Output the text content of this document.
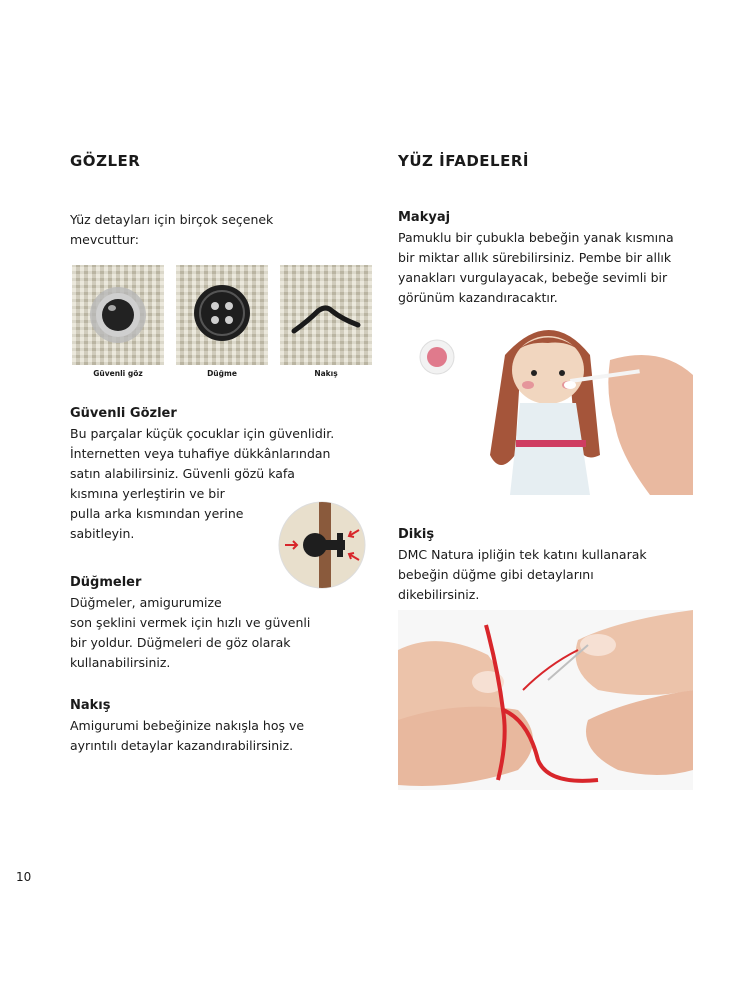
GÖZLER

Yüz detayları için birçok seçenek

mevcuttur:

Güvenli göz	Düğme	Nakış
Güvenli Gözler

Bu parçalar küçük çocuklar için güvenlidir.

İnternetten veya tuhafiye dükkânlarından

satın alabilirsiniz. Güvenli gözü kafa

kısmına yerleştirin ve bir

pulla arka kısmından yerine

sabitleyin.

Düğmeler

Düğmeler, amigurumize

son şeklini vermek için hızlı ve güvenli

bir yoldur. Düğmeleri de göz olarak

kullanabilirsiniz.

Nakış

Amigurumi bebeğinize nakışla hoş ve

ayrıntılı detaylar kazandırabilirsiniz.

YÜZ İFADELERİ
Makyaj

Pamuklu bir çubukla bebeğin yanak kısmına

bir miktar allık sürebilirsiniz. Pembe bir allık

yanakları vurgulayacak, bebeğe sevimli bir

görünüm kazandıracaktır.

Dikiş

DMC Natura ipliğin tek katını kullanarak

bebeğin düğme gibi detaylarını

dikebilirsiniz.

10
